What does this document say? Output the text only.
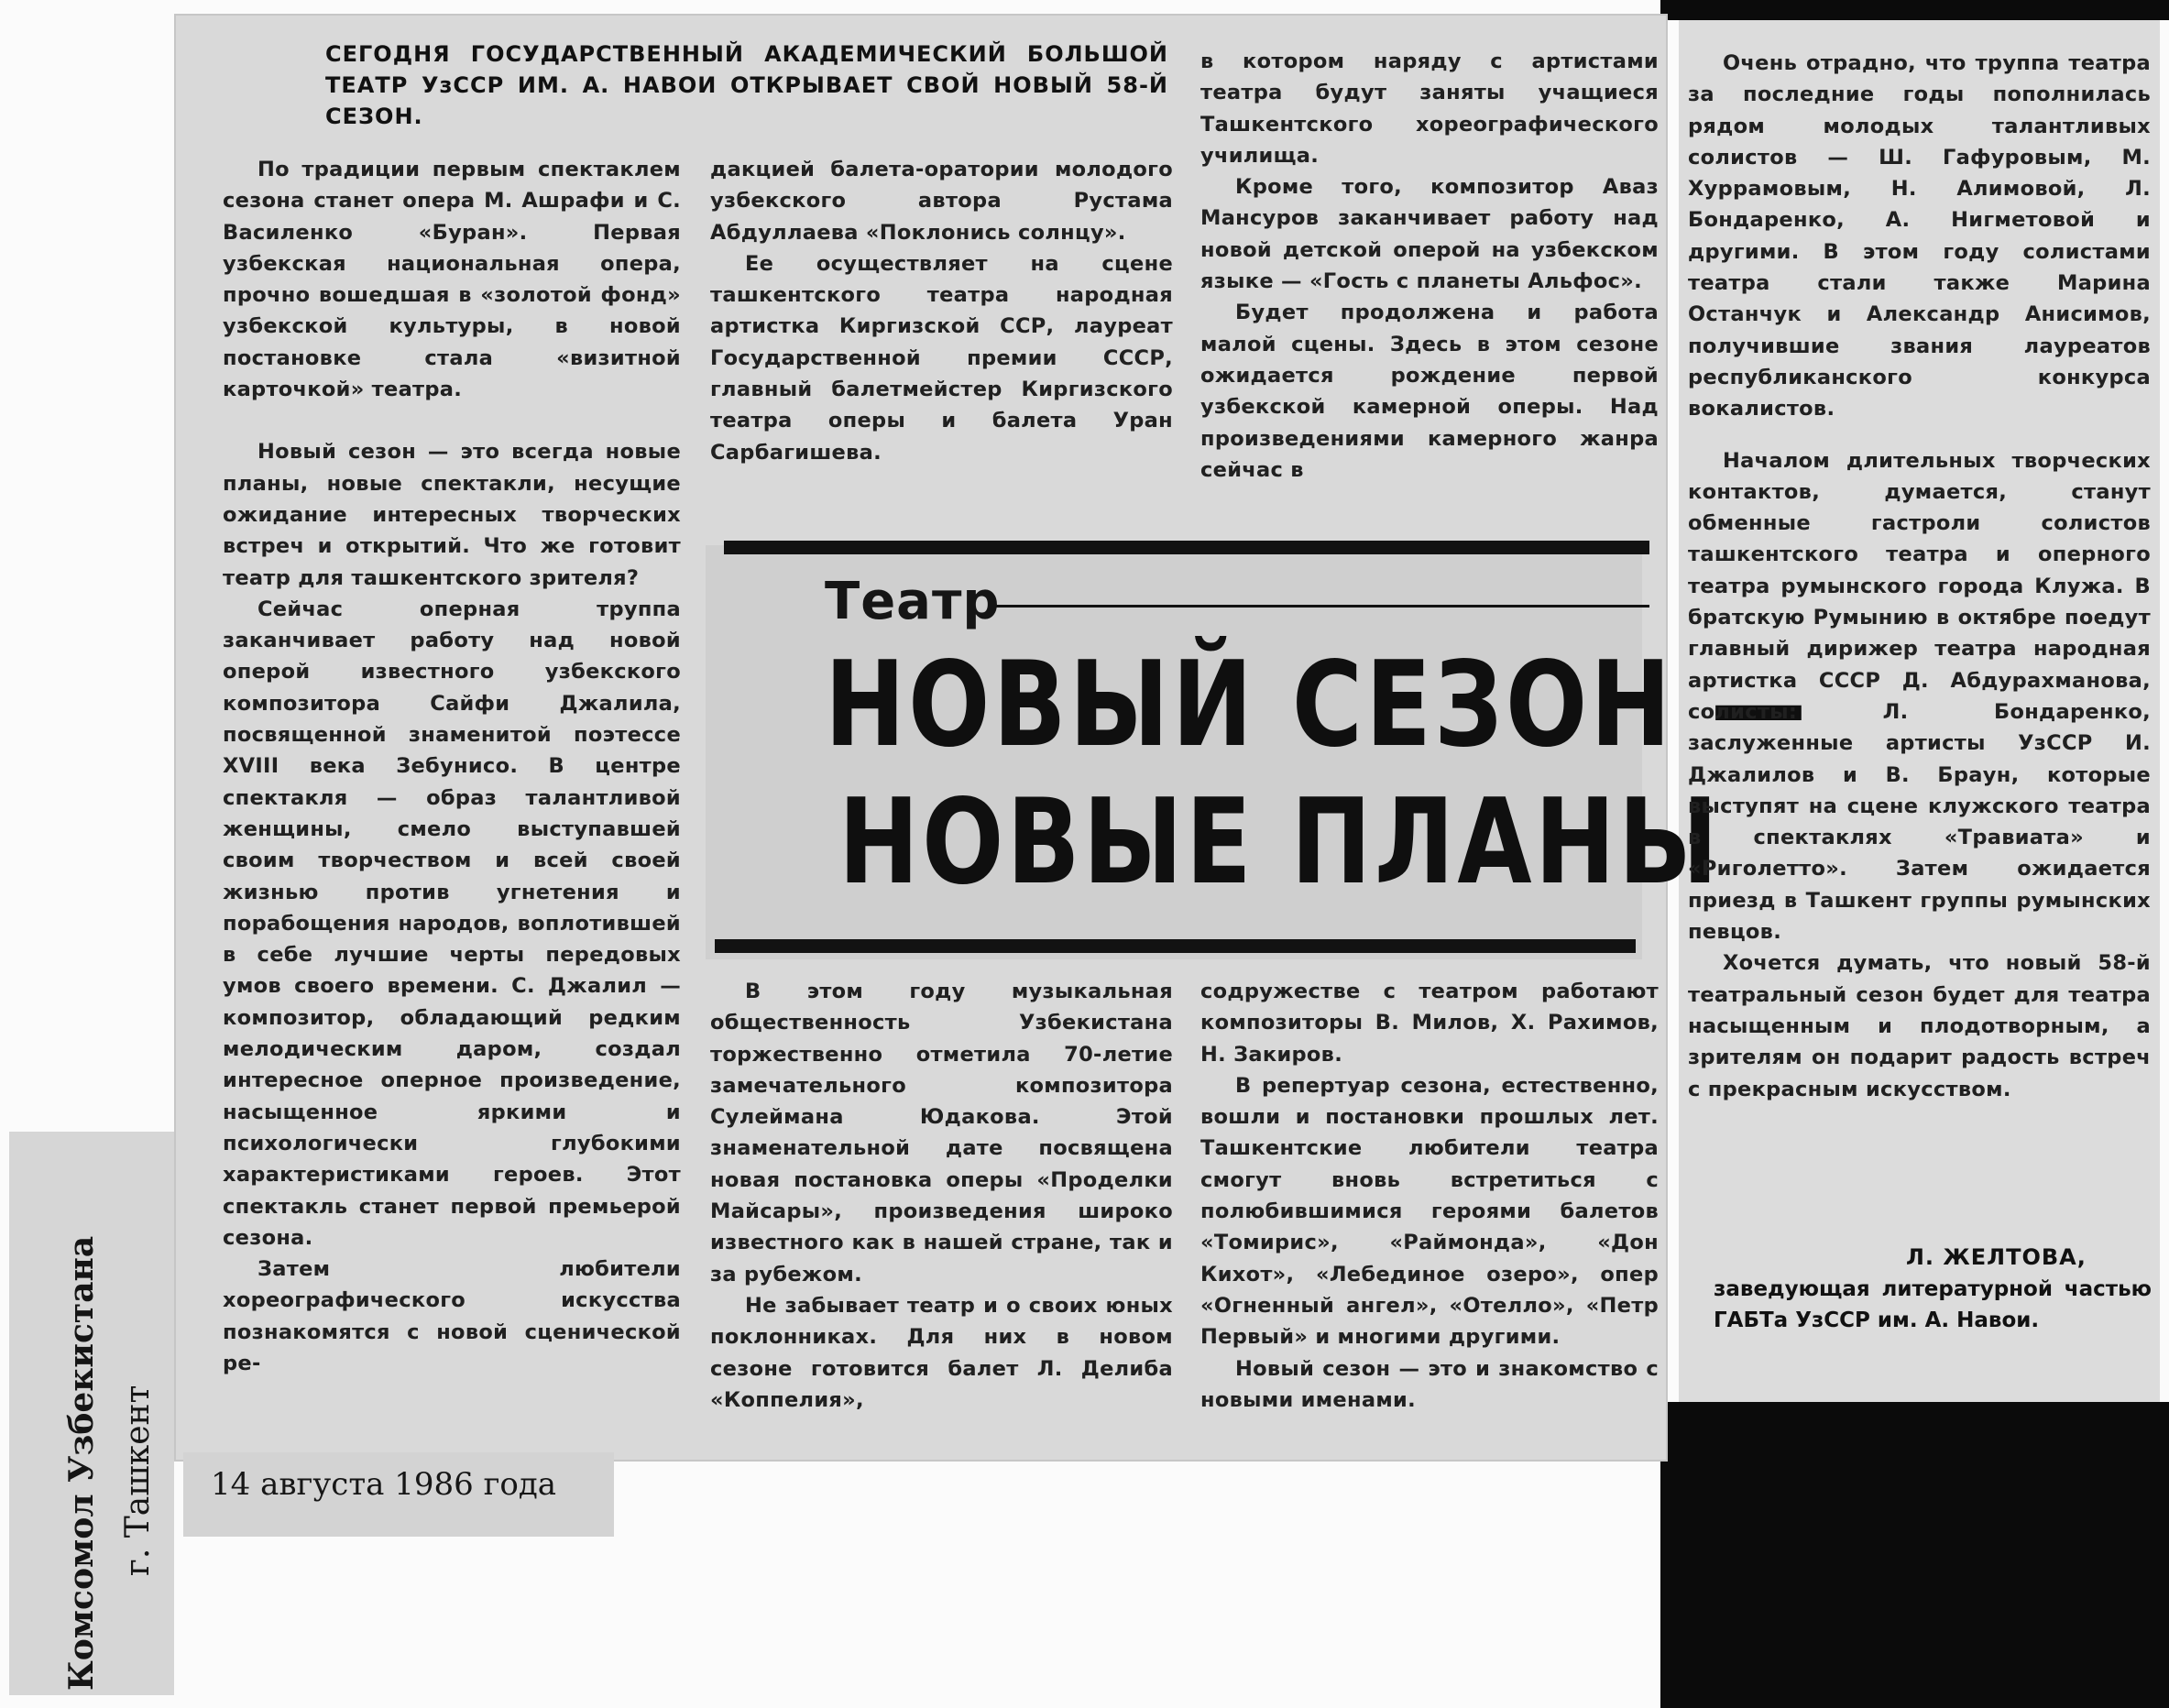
СЕГОДНЯ ГОСУДАРСТВЕННЫЙ АКАДЕМИЧЕСКИЙ БОЛЬШОЙ ТЕАТР УзССР ИМ. А. НАВОИ ОТКРЫВАЕТ СВОЙ НОВЫЙ 58-Й СЕЗОН.

По традиции первым спектаклем сезона станет опера М. Ашрафи и С. Василенко «Буран». Первая узбекская национальная опера, прочно вошедшая в «золотой фонд» узбекской культуры, в новой постановке стала «визитной карточкой» театра.

Новый сезон — это всегда новые планы, новые спектакли, несущие ожидание интересных творческих встреч и открытий. Что же готовит театр для ташкентского зрителя?

Сейчас оперная труппа заканчивает работу над новой оперой известного узбекского композитора Сайфи Джалила, посвященной знаменитой поэтессе XVIII века Зебунисо. В центре спектакля — образ талантливой женщины, смело выступавшей своим творчеством и всей своей жизнью против угнетения и порабощения народов, воплотившей в себе лучшие черты передовых умов своего времени. С. Джалил — композитор, обладающий редким мелодическим даром, создал интересное оперное произведение, насыщенное яркими и психологически глубокими характеристиками героев. Этот спектакль станет первой премьерой сезона.

Затем любители хореографического искусства познакомятся с новой сценической ре-

дакцией балета-оратории молодого узбекского автора Рустама Абдуллаева «Поклонись солнцу».

Ее осуществляет на сцене ташкентского театра народная артистка Киргизской ССР, лауреат Государственной премии СССР, главный балетмейстер Киргизского театра оперы и балета Уран Сарбагишева.

в котором наряду с артистами театра будут заняты учащиеся Ташкентского хореографического училища.

Кроме того, композитор Аваз Мансуров заканчивает работу над новой детской оперой на узбекском языке — «Гость с планеты Альфос».

Будет продолжена и работа малой сцены. Здесь в этом сезоне ожидается рождение первой узбекской камерной оперы. Над произведениями камерного жанра сейчас в

Театр
НОВЫЙ СЕЗОН —
НОВЫЕ ПЛАНЫ

В этом году музыкальная общественность Узбекистана торжественно отметила 70-летие замечательного композитора Сулеймана Юдакова. Этой знаменательной дате посвящена новая постановка оперы «Проделки Майсары», произведения широко известного как в нашей стране, так и за рубежом.

Не забывает театр и о своих юных поклонниках. Для них в новом сезоне готовится балет Л. Делиба «Коппелия»,

содружестве с театром работают композиторы В. Милов, Х. Рахимов, Н. Закиров.

В репертуар сезона, естественно, вошли и постановки прошлых лет. Ташкентские любители театра смогут вновь встретиться с полюбившимися героями балетов «Томирис», «Раймонда», «Дон Кихот», «Лебединое озеро», опер «Огненный ангел», «Отелло», «Петр Первый» и многими другими.

Новый сезон — это и знакомство с новыми именами.

Очень отрадно, что труппа театра за последние годы пополнилась рядом молодых талантливых солистов — Ш. Гафуровым, М. Хуррамовым, Н. Алимовой, Л. Бондаренко, А. Нигметовой и другими. В этом году солистами театра стали также Марина Останчук и Александр Анисимов, получившие звания лауреатов республиканского конкурса вокалистов.

Началом длительных творческих контактов, думается, станут обменные гастроли солистов ташкентского театра и оперного театра румынского города Клужа. В братскую Румынию в октябре поедут главный дирижер театра народная артистка СССР Д. Абдурахманова, солисты: Л. Бондаренко, заслуженные артисты УзССР И. Джалилов и В. Браун, которые выступят на сцене клужского театра в спектаклях «Травиата» и «Риголетто». Затем ожидается приезд в Ташкент группы румынских певцов.

Хочется думать, что новый 58-й театральный сезон будет для театра насыщенным и плодотворным, а зрителям он подарит радость встреч с прекрасным искусством.

Л. ЖЕЛТОВА,
заведующая литературной частью ГАБТа УзССР им. А. Навои.
14 августа 1986 года
Комсомол Узбекистана г. Ташкент
